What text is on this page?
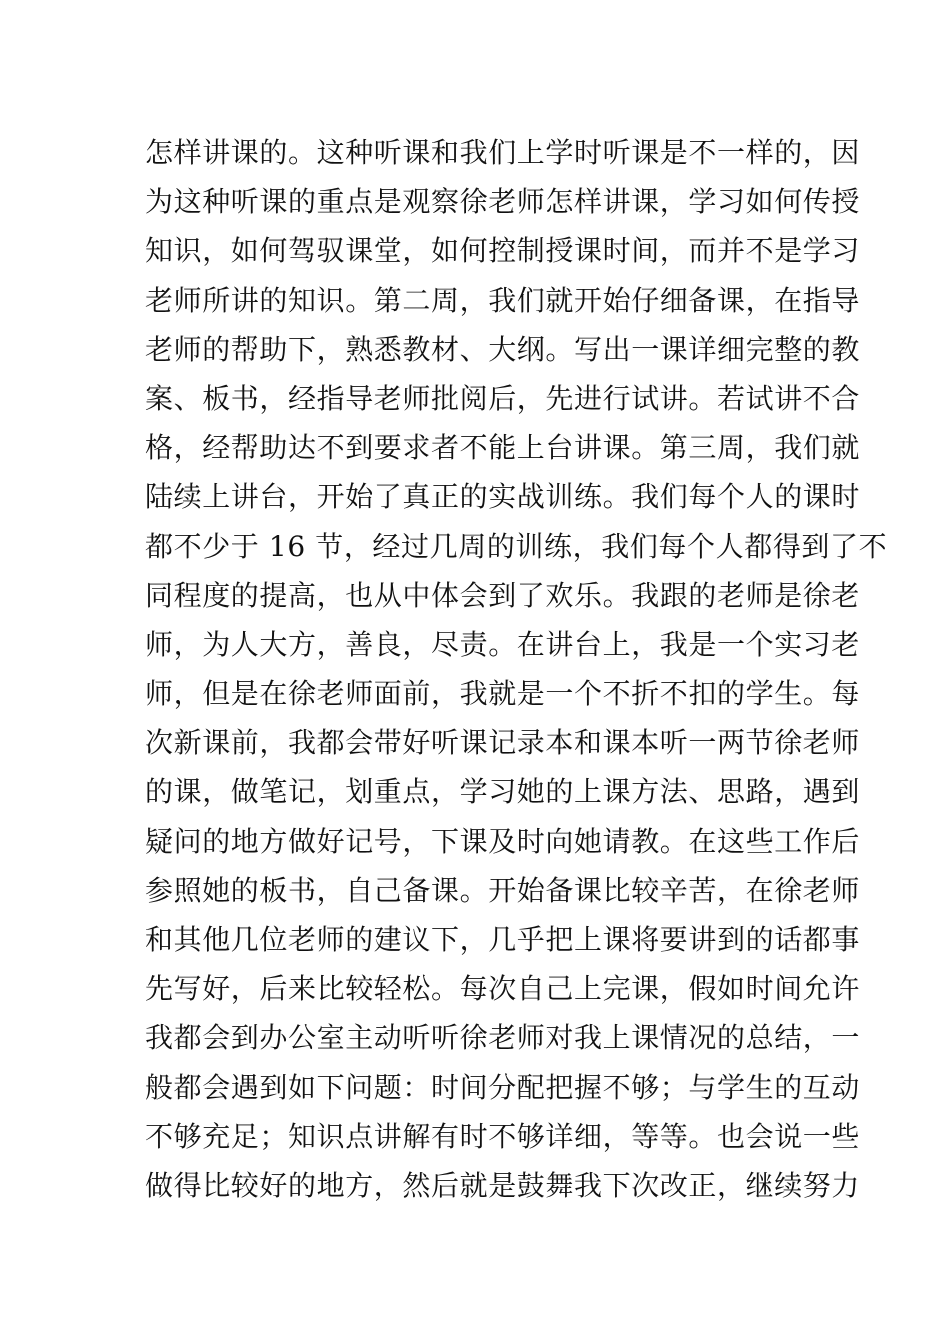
怎样讲课的。这种听课和我们上学时听课是不一样的，因
为这种听课的重点是观察徐老师怎样讲课，学习如何传授
知识，如何驾驭课堂，如何控制授课时间，而并不是学习
老师所讲的知识。第二周，我们就开始仔细备课，在指导
老师的帮助下，熟悉教材、大纲。写出一课详细完整的教
案、板书，经指导老师批阅后，先进行试讲。若试讲不合
格，经帮助达不到要求者不能上台讲课。第三周，我们就
陆续上讲台，开始了真正的实战训练。我们每个人的课时
都不少于 16 节，经过几周的训练，我们每个人都得到了不
同程度的提高，也从中体会到了欢乐。我跟的老师是徐老
师，为人大方，善良，尽责。在讲台上，我是一个实习老
师，但是在徐老师面前，我就是一个不折不扣的学生。每
次新课前，我都会带好听课记录本和课本听一两节徐老师
的课，做笔记，划重点，学习她的上课方法、思路，遇到
疑问的地方做好记号，下课及时向她请教。在这些工作后
参照她的板书，自己备课。开始备课比较辛苦，在徐老师
和其他几位老师的建议下，几乎把上课将要讲到的话都事
先写好，后来比较轻松。每次自己上完课，假如时间允许
我都会到办公室主动听听徐老师对我上课情况的总结，一
般都会遇到如下问题：时间分配把握不够；与学生的互动
不够充足；知识点讲解有时不够详细，等等。也会说一些
做得比较好的地方，然后就是鼓舞我下次改正，继续努力
